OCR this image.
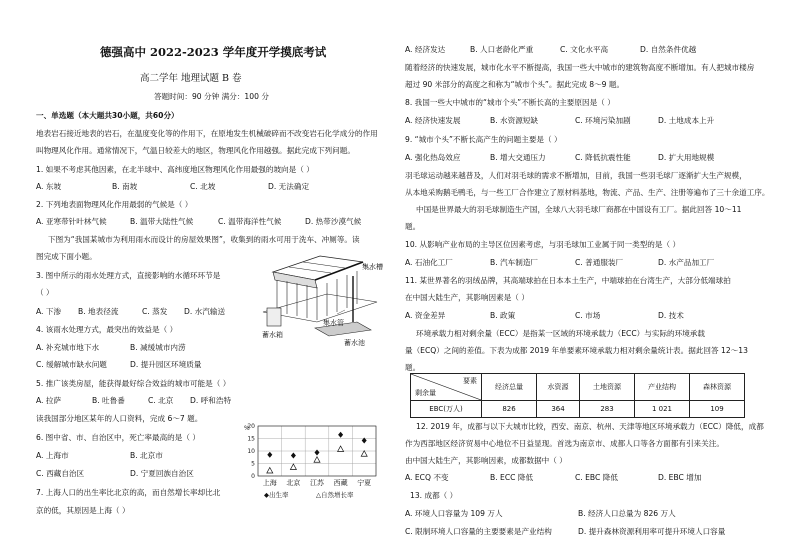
德强高中 2022-2023 学年度开学摸底考试
高二学年 地理试题 B 卷
答题时间：90 分钟 满分：100 分
一、单选题（本大题共30小题，共60分）
地表岩石接近地表的岩石，在温度变化等的作用下，在原地发生机械破碎而不改变岩石化学成分的作用
叫物理风化作用。通常情况下，气温日较差大的地区，物理风化作用越强。据此完成下列问题。
1. 如果不考虑其他因素，在北半球中、高纬度地区物理风化作用最强的坡向是（ ）
A. 东坡	B. 南坡	C. 北坡	D. 无法确定
2. 下列地表面物理风化作用最弱的气候是（ ）
A. 亚寒带针叶林气候	B. 温带大陆性气候	C. 温带海洋性气候	D. 热带沙漠气候
下图为“我国某城市为利用雨水而设计的房屋效果图”，收集到的雨水可用于洗车、冲厕等。读
图完成下面小题。
3. 图中所示的雨水处理方式，直接影响的水循环环节是
（ ）
A. 下渗 B. 地表径流	C. 蒸发 D. 水汽输送
4. 该雨水处理方式，最突出的效益是（ ）
A. 补充城市地下水	B. 减缓城市内涝
C. 缓解城市缺水问题	D. 提升园区环境质量
5. 推广该类房屋，能获得最好综合效益的城市可能是（ ）
A. 拉萨	B. 吐鲁番	C. 北京 D. 呼和浩特
读我国部分地区某年的人口资料，完成 6～7 题。
6. 图中省、市、自治区中，死亡率最高的是（ ）
A. 上海市	B. 北京市
C. 西藏自治区	D. 宁夏回族自治区
7. 上海人口的出生率比北京的高，而自然增长率却比北
京的低，其原因是上海（ ）
集水槽
集水管
蓄水箱
蓄水池
20
15
10
5
0
%
上海 北京 江苏 西藏 宁夏
◆出生率	△自然增长率
A. 经济发达	B. 人口老龄化严重	C. 文化水平高	D. 自然条件优越
随着经济的快速发展，城市化水平不断提高，我国一些大中城市的建筑物高度不断增加。有人把城市楼房
超过 90 米部分的高度之和称为“城市个头”。据此完成 8～9 题。
8. 我国一些大中城市的“城市个头”不断长高的主要原因是（ ）
A. 经济快速发展	B. 水资源短缺	C. 环境污染加剧	D. 土地成本上升
9. “城市个头”不断长高产生的问题主要是（ ）
A. 强化热岛效应	B. 增大交通压力	C. 降低抗震性能	D. 扩大用地规模
羽毛球运动越来越普及，人们对羽毛球的需求不断增加，目前，我国一些羽毛球厂逐渐扩大生产规模，
从本地采购鹅毛鸭毛，与一些工厂合作建立了原材料基地，物流、产品、生产、注册等遍布了三十余道工序。
中国是世界最大的羽毛球制造生产国，全球八大羽毛球厂商都在中国设有工厂。据此回答 10～11
题。
10. 从影响产业布局的主导区位因素考虑，与羽毛球加工业属于同一类型的是（ ）
A. 石油化工厂	B. 汽车制造厂	C. 普通服装厂	D. 水产品加工厂
11. 某世界著名的羽绒品牌，其高端球拍在日本本土生产，中端球拍在台湾生产，大部分低端球拍
在中国大陆生产，其影响因素是（ ）
A. 资金差异	B. 政策	C. 市场	D. 技术
环境承载力相对剩余量（ECC）是指某一区域的环境承载力（ECC）与实际的环境承载
量（ECQ）之间的差值。下表为成都 2019 年单要素环境承载力相对剩余量统计表。据此回答 12～13
题。
要素
剩余量	经济总量	水资源	土地资源	产业结构	森林资源
EBC(万人)	826	364	283	1 021	109
12. 2019 年，成都与以下大城市比较，西安、南京、杭州、天津等地区环境承载力（ECC）降低，成都
作为西部地区经济贸易中心地位不日益显现。首选为南京市、成都人口等各方面都有引来关注。
由中国大陆生产，其影响因素，成都数据中（ ）
A. ECQ 不变	B. ECC 降低	C. EBC 降低	D. EBC 增加
13. 成都（ ）
A. 环境人口容量为 109 万人	B. 经济人口总量为 826 万人
C. 限制环境人口容量的主要要素是产业结构	D. 提升森林资源利用率可提升环境人口容量
